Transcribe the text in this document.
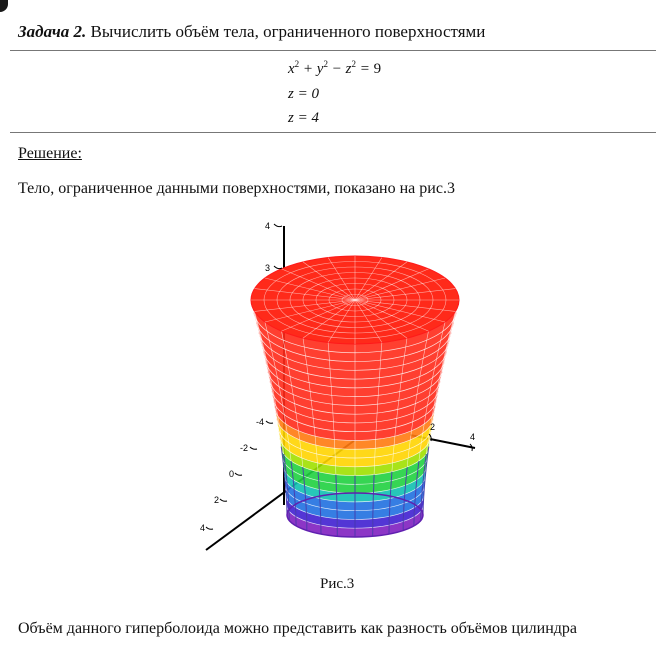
Задача 2. Вычислить объём тела, ограниченного поверхностями
$x^2 + y^2 - z^2 = 9$
z = 0
z = 4
Решение:
Тело, ограниченное данными поверхностями, показано на рис.3
4
3
-4
-2
0
2
4
2
4
Рис.3
Объём данного гиперболоида можно представить как разность объёмов цилиндра
